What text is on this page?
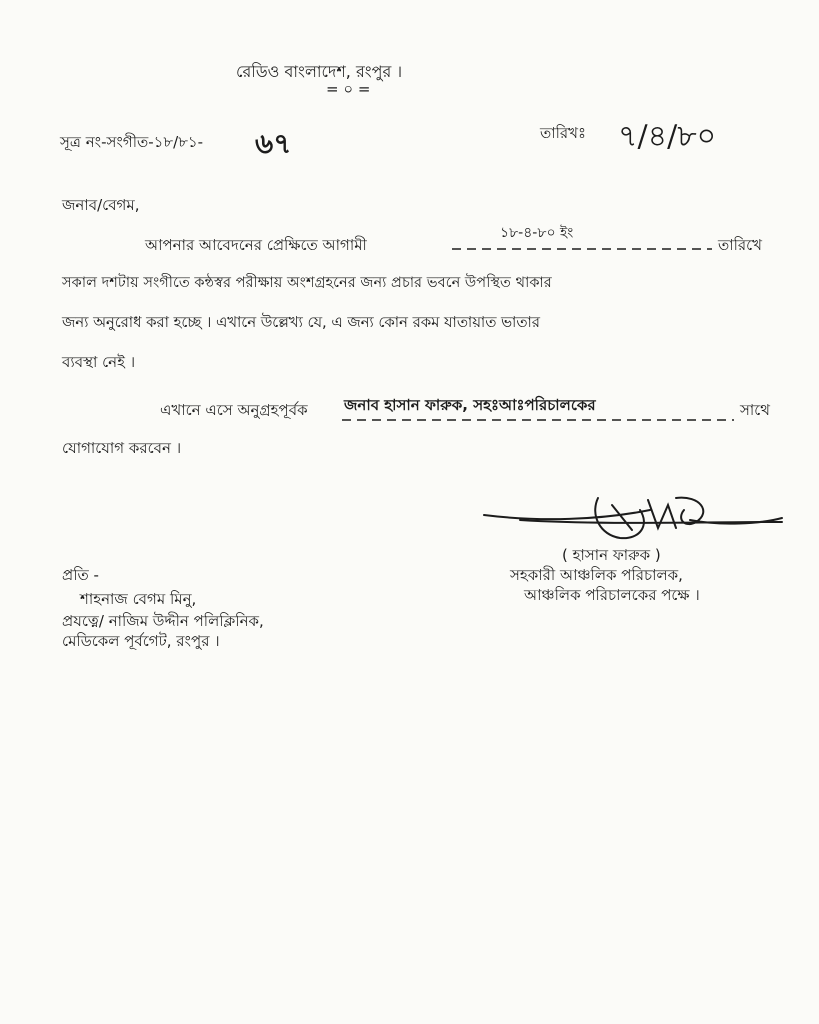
রেডিও বাংলাদেশ, রংপুর ।
= ০ =
সূত্র নং-সংগীত-১৮/৮১- ৬৭	তারিখঃ ৭/৪/৮০
জনাব/বেগম,
আপনার আবেদনের প্রেক্ষিতে আগামী
১৮-৪-৮০ ইং
তারিখে
সকাল দশটায় সংগীতে কন্ঠস্বর পরীক্ষায় অংশগ্রহনের জন্য প্রচার ভবনে উপস্থিত থাকার
জন্য অনুরোধ করা হচ্ছে । এখানে উল্লেখ্য যে, এ জন্য কোন রকম যাতায়াত ভাতার
ব্যবস্থা নেই ।
এখানে এসে অনুগ্রহপূর্বক জনাব হাসান ফারুক, সহঃআঃপরিচালকের	সাথে
যোগাযোগ করবেন ।
( হাসান ফারুক )
সহকারী আঞ্চলিক পরিচালক,
আঞ্চলিক পরিচালকের পক্ষে ।
প্রতি -
শাহনাজ বেগম মিনু,
প্রযত্নে/ নাজিম উদ্দীন পলিক্লিনিক,
মেডিকেল পূর্বগেট, রংপুর ।
